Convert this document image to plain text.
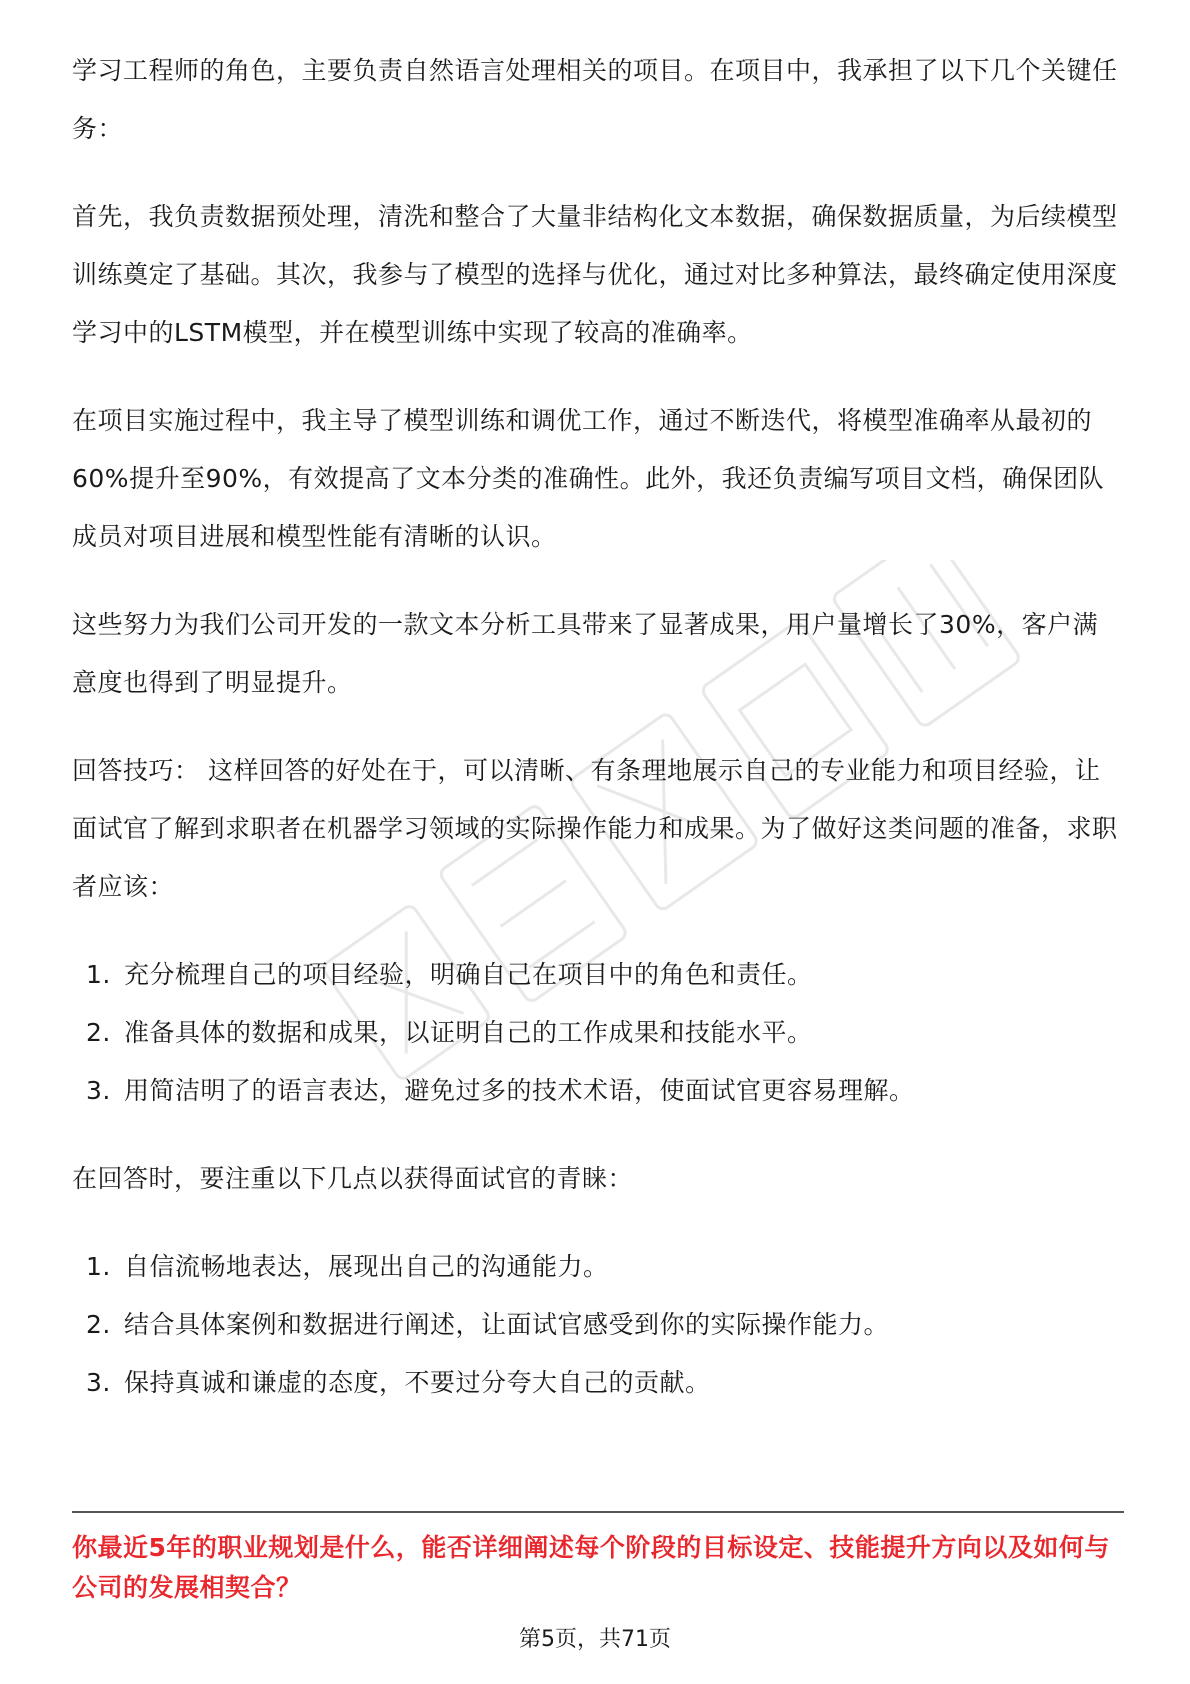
学习工程师的角色，主要负责自然语言处理相关的项目。在项目中，我承担了以下几个关键任务：

首先，我负责数据预处理，清洗和整合了大量非结构化文本数据，确保数据质量，为后续模型训练奠定了基础。其次，我参与了模型的选择与优化，通过对比多种算法，最终确定使用深度学习中的LSTM模型，并在模型训练中实现了较高的准确率。

在项目实施过程中，我主导了模型训练和调优工作，通过不断迭代，将模型准确率从最初的60%提升至90%，有效提高了文本分类的准确性。此外，我还负责编写项目文档，确保团队成员对项目进展和模型性能有清晰的认识。

这些努力为我们公司开发的一款文本分析工具带来了显著成果，用户量增长了30%，客户满意度也得到了明显提升。

回答技巧： 这样回答的好处在于，可以清晰、有条理地展示自己的专业能力和项目经验，让面试官了解到求职者在机器学习领域的实际操作能力和成果。为了做好这类问题的准备，求职者应该：

1. 充分梳理自己的项目经验，明确自己在项目中的角色和责任。
2. 准备具体的数据和成果，以证明自己的工作成果和技能水平。
3. 用简洁明了的语言表达，避免过多的技术术语，使面试官更容易理解。

在回答时，要注重以下几点以获得面试官的青睐：

1. 自信流畅地表达，展现出自己的沟通能力。
2. 结合具体案例和数据进行阐述，让面试官感受到你的实际操作能力。
3. 保持真诚和谦虚的态度，不要过分夸大自己的贡献。
你最近5年的职业规划是什么，能否详细阐述每个阶段的目标设定、技能提升方向以及如何与公司的发展相契合？
第5页，共71页
